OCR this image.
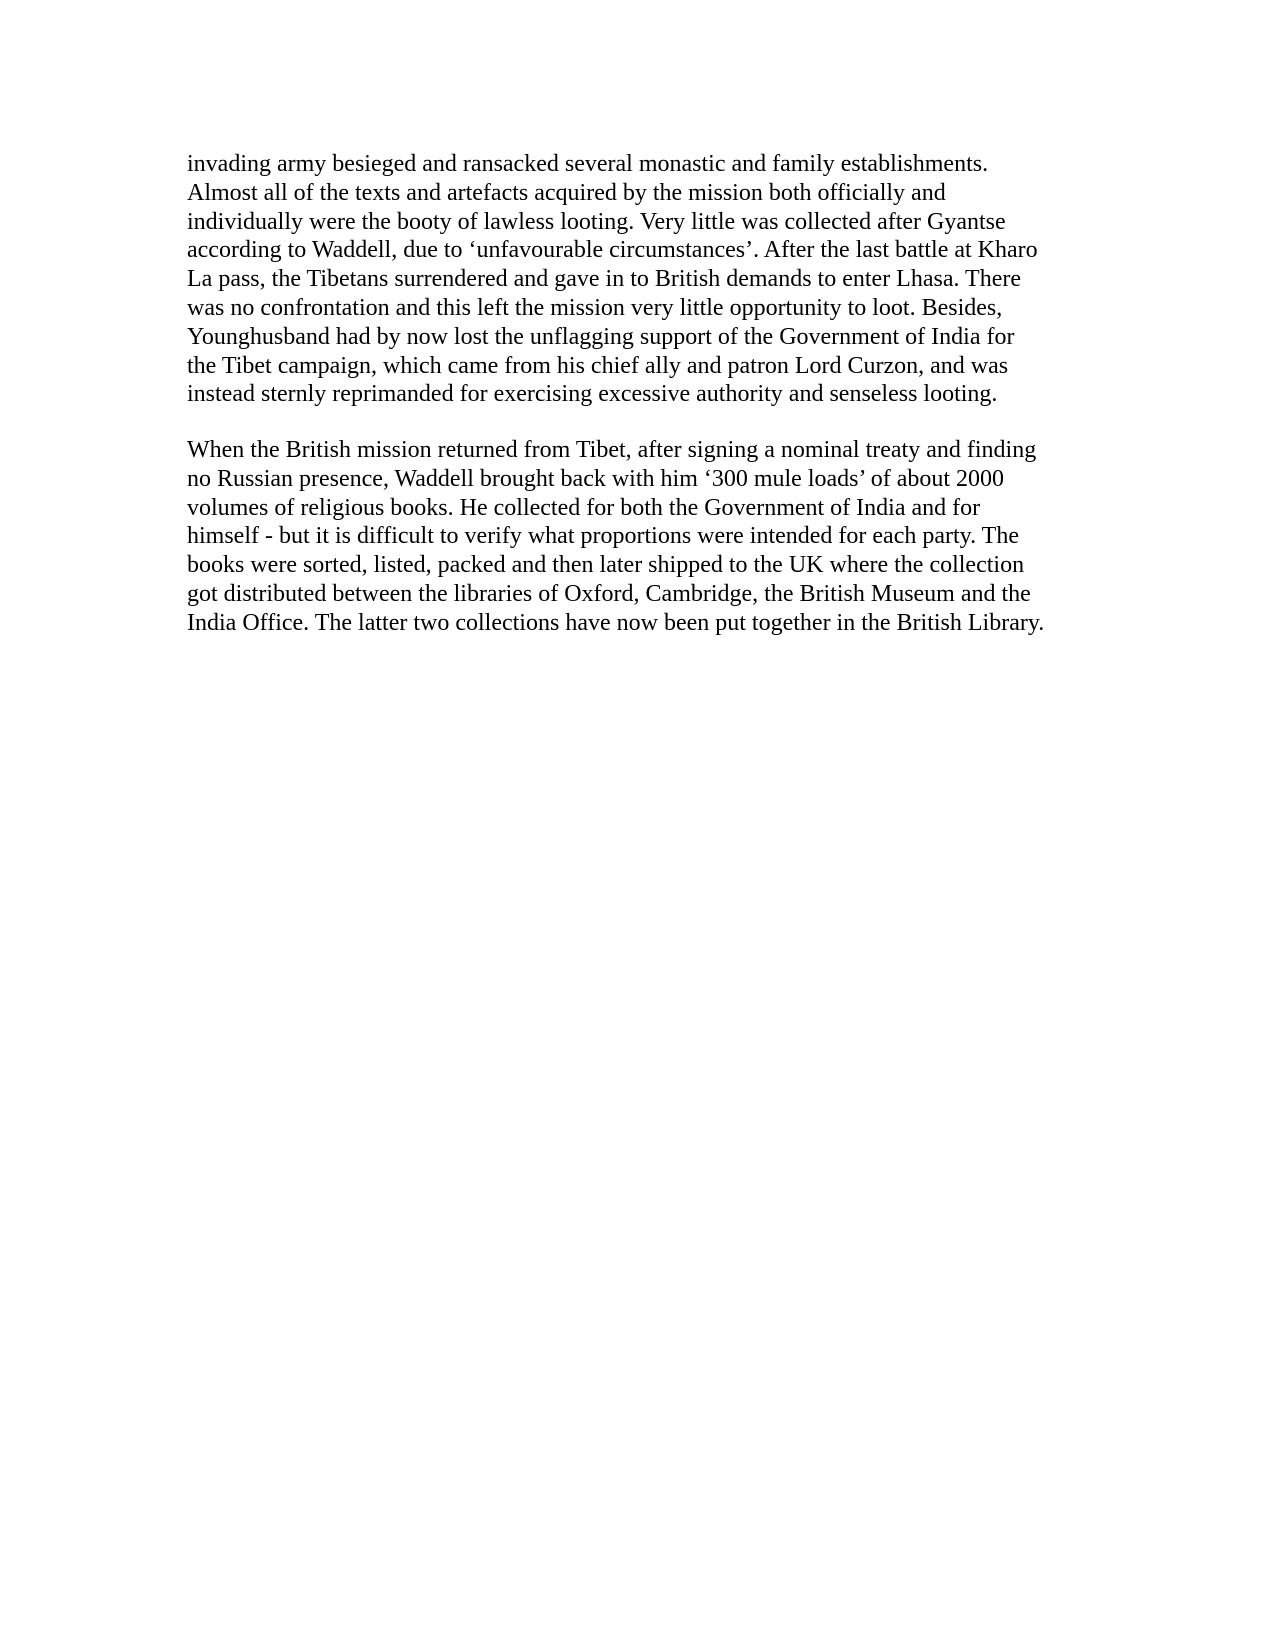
invading army besieged and ransacked several monastic and family establishments.
Almost all of the texts and artefacts acquired by the mission both officially and
individually were the booty of lawless looting. Very little was collected after Gyantse
according to Waddell, due to ‘unfavourable circumstances’. After the last battle at Kharo
La pass, the Tibetans surrendered and gave in to British demands to enter Lhasa. There
was no confrontation and this left the mission very little opportunity to loot. Besides,
Younghusband had by now lost the unflagging support of the Government of India for
the Tibet campaign, which came from his chief ally and patron Lord Curzon, and was
instead sternly reprimanded for exercising excessive authority and senseless looting.
When the British mission returned from Tibet, after signing a nominal treaty and finding
no Russian presence, Waddell brought back with him ‘300 mule loads’ of about 2000
volumes of religious books. He collected for both the Government of India and for
himself - but it is difficult to verify what proportions were intended for each party. The
books were sorted, listed, packed and then later shipped to the UK where the collection
got distributed between the libraries of Oxford, Cambridge, the British Museum and the
India Office. The latter two collections have now been put together in the British Library.
